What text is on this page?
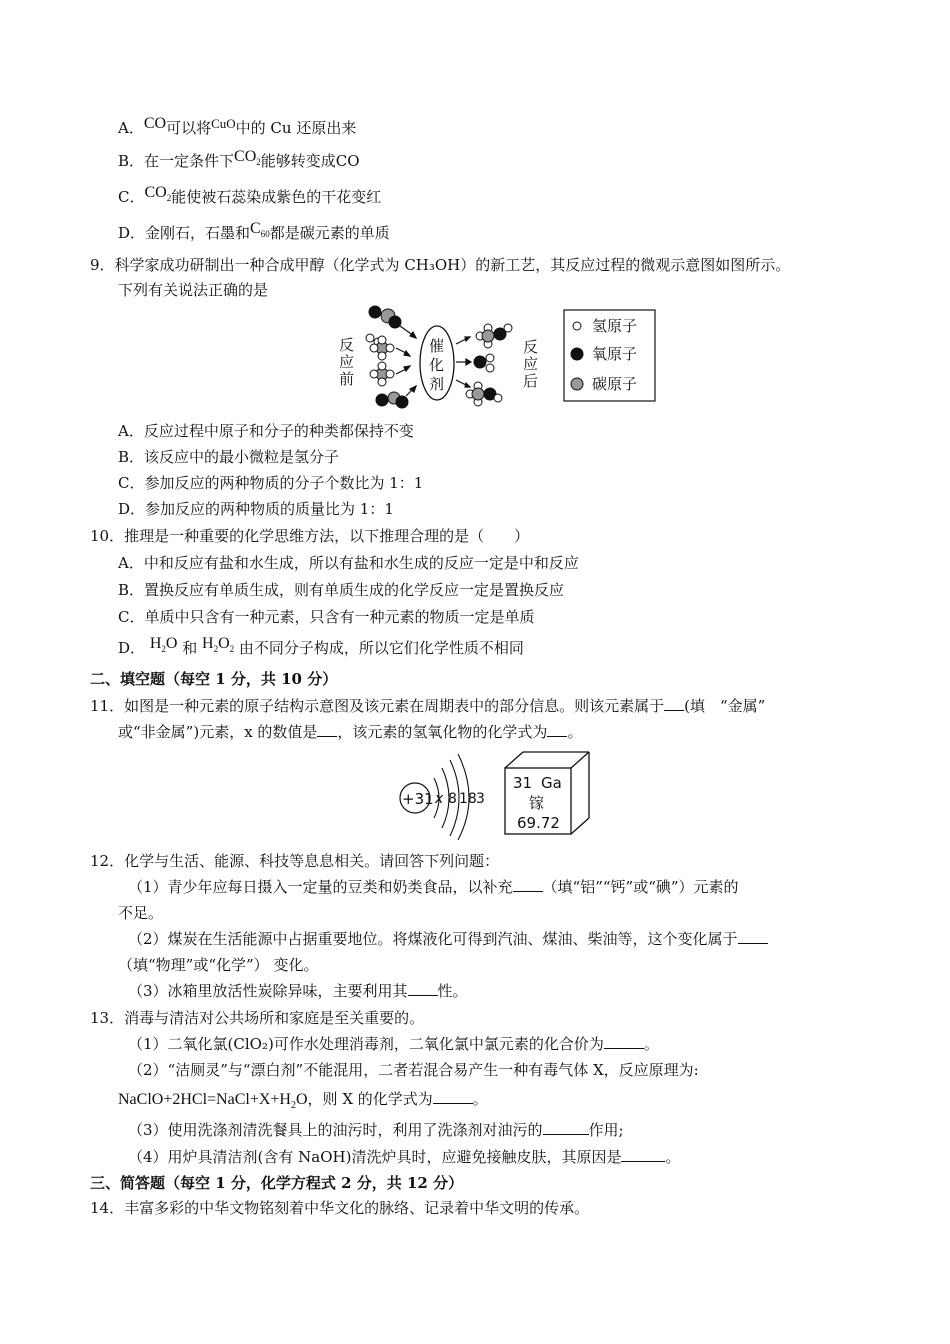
A．CO可以将CuO中的 Cu 还原出来
B．在一定条件下$CO_2$能够转变成CO
C．$CO_2$能使被石蕊染成紫色的干花变红
D．金刚石，石墨和$C_{60}$都是碳元素的单质
9．科学家成功研制出一种合成甲醇（化学式为 CH₃OH）的新工艺，其反应过程的微观示意图如图所示。
下列有关说法正确的是
反
应
前
催
化
剂
反
应
后
氢原子
氧原子
碳原子
A．反应过程中原子和分子的种类都保持不变
B．该反应中的最小微粒是氢分子
C．参加反应的两种物质的分子个数比为 1：1
D．参加反应的两种物质的质量比为 1：1
10．推理是一种重要的化学思维方法，以下推理合理的是（　　）
A．中和反应有盐和水生成，所以有盐和水生成的反应一定是中和反应
B．置换反应有单质生成，则有单质生成的化学反应一定是置换反应
C．单质中只含有一种元素，只含有一种元素的物质一定是单质
D． $H_2O$ 和 $H_2O_2$ 由不同分子构成，所以它们化学性质不相同
二、填空题（每空 1 分，共 10 分）
11．如图是一种元素的原子结构示意图及该元素在周期表中的部分信息。则该元素属于 (填　“金属”
或“非金属”)元素，x 的数值是 ，该元素的氢氧化物的化学式为 。
+31 x 8 18 3
31 Ga
镓
69.72
12．化学与生活、能源、科技等息息相关。请回答下列问题：
（1）青少年应每日摄入一定量的豆类和奶类食品，以补充 （填“铝”“钙”或“碘”）元素的
不足。
（2）煤炭在生活能源中占据重要地位。将煤液化可得到汽油、煤油、柴油等，这个变化属于
（填“物理”或“化学”） 变化。
（3）冰箱里放活性炭除异味，主要利用其 性。
13．消毒与清洁对公共场所和家庭是至关重要的。
（1）二氧化氯(ClO₂)可作水处理消毒剂，二氧化氯中氯元素的化合价为	。
（2）“洁厕灵”与“漂白剂”不能混用，二者若混合易产生一种有毒气体 X，反应原理为:
$NaClO+2HCl=NaCl+X+H_2O$，则 X 的化学式为	。
（3）使用洗涤剂清洗餐具上的油污时，利用了洗涤剂对油污的	作用;
（4）用炉具清洁剂(含有 NaOH)清洗炉具时，应避免接触皮肤，其原因是	。
三、简答题（每空 1 分，化学方程式 2 分，共 12 分）
14．丰富多彩的中华文物铭刻着中华文化的脉络、记录着中华文明的传承。
